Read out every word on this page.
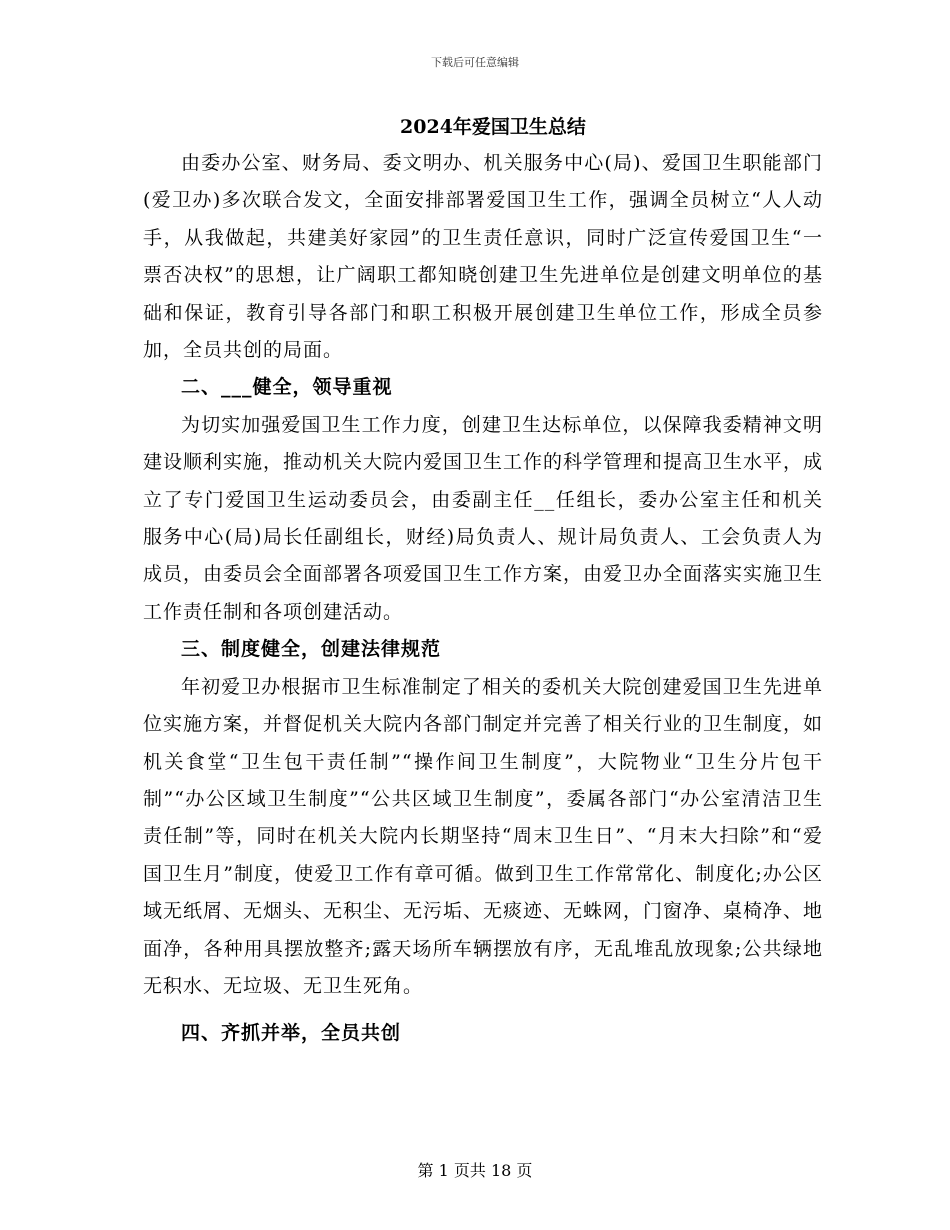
下载后可任意编辑
2024年爱国卫生总结

由委办公室、财务局、委文明办、机关服务中心(局)、爱国卫生职能部门(爱卫办)多次联合发文，全面安排部署爱国卫生工作，强调全员树立“人人动手，从我做起，共建美好家园”的卫生责任意识，同时广泛宣传爱国卫生“一票否决权”的思想，让广阔职工都知晓创建卫生先进单位是创建文明单位的基础和保证，教育引导各部门和职工积极开展创建卫生单位工作，形成全员参加，全员共创的局面。

二、___健全，领导重视

为切实加强爱国卫生工作力度，创建卫生达标单位，以保障我委精神文明建设顺利实施，推动机关大院内爱国卫生工作的科学管理和提高卫生水平，成立了专门爱国卫生运动委员会，由委副主任__任组长，委办公室主任和机关服务中心(局)局长任副组长，财经)局负责人、规计局负责人、工会负责人为成员，由委员会全面部署各项爱国卫生工作方案，由爱卫办全面落实实施卫生工作责任制和各项创建活动。

三、制度健全，创建法律规范

年初爱卫办根据市卫生标准制定了相关的委机关大院创建爱国卫生先进单位实施方案，并督促机关大院内各部门制定并完善了相关行业的卫生制度，如机关食堂“卫生包干责任制”“操作间卫生制度”，大院物业“卫生分片包干制”“办公区域卫生制度”“公共区域卫生制度”，委属各部门“办公室清洁卫生责任制”等，同时在机关大院内长期坚持“周末卫生日”、“月末大扫除”和“爱国卫生月”制度，使爱卫工作有章可循。做到卫生工作常常化、制度化;办公区域无纸屑、无烟头、无积尘、无污垢、无痰迹、无蛛网，门窗净、桌椅净、地面净，各种用具摆放整齐;露天场所车辆摆放有序，无乱堆乱放现象;公共绿地无积水、无垃圾、无卫生死角。

四、齐抓并举，全员共创

第 1 页共 18 页
